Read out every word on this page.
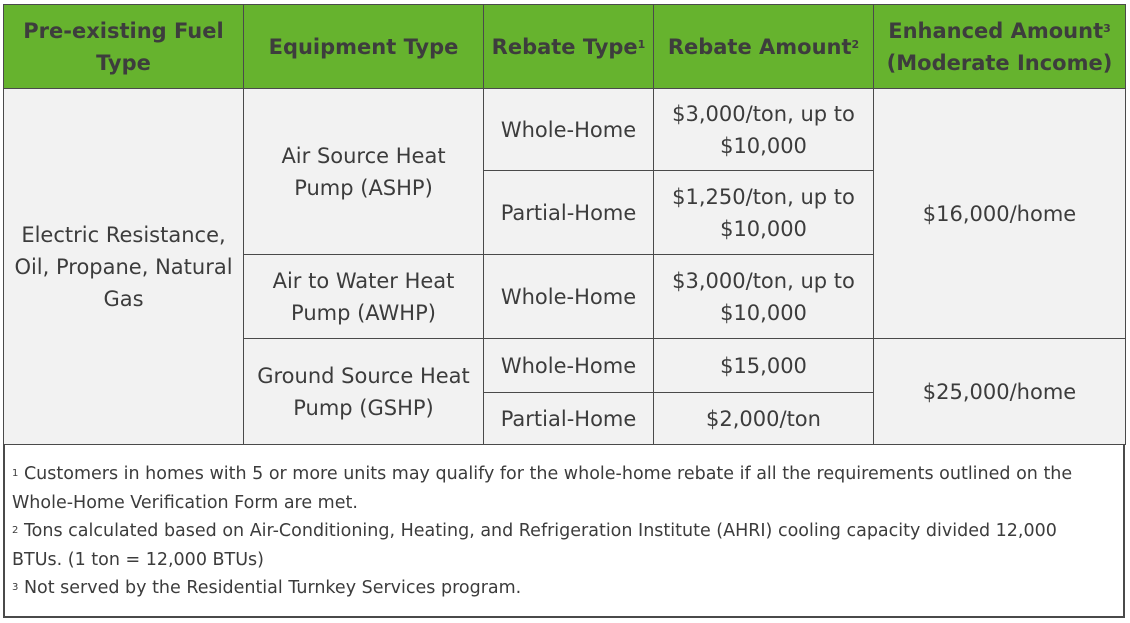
Pre-existing Fuel Type	Equipment Type	Rebate Type$^1$	Rebate Amount$^2$	Enhanced Amount$^3$
(Moderate Income)
Electric Resistance, Oil, Propane, Natural Gas	Air Source Heat Pump (ASHP)	Whole-Home	$3,000/ton, up to $10,000	$16,000/home
		Partial-Home	$1,250/ton, up to $10,000	
	Air to Water Heat Pump (AWHP)	Whole-Home	$3,000/ton, up to $10,000	
	Ground Source Heat Pump (GSHP)	Whole-Home	$15,000	$25,000/home
		Partial-Home	$2,000/ton	
$^1$ Customers in homes with 5 or more units may qualify for the whole-home rebate if all the requirements outlined on the Whole-Home Verification Form are met.
$^2$ Tons calculated based on Air-Conditioning, Heating, and Refrigeration Institute (AHRI) cooling capacity divided 12,000 BTUs. (1 ton = 12,000 BTUs)
$^3$ Not served by the Residential Turnkey Services program.
